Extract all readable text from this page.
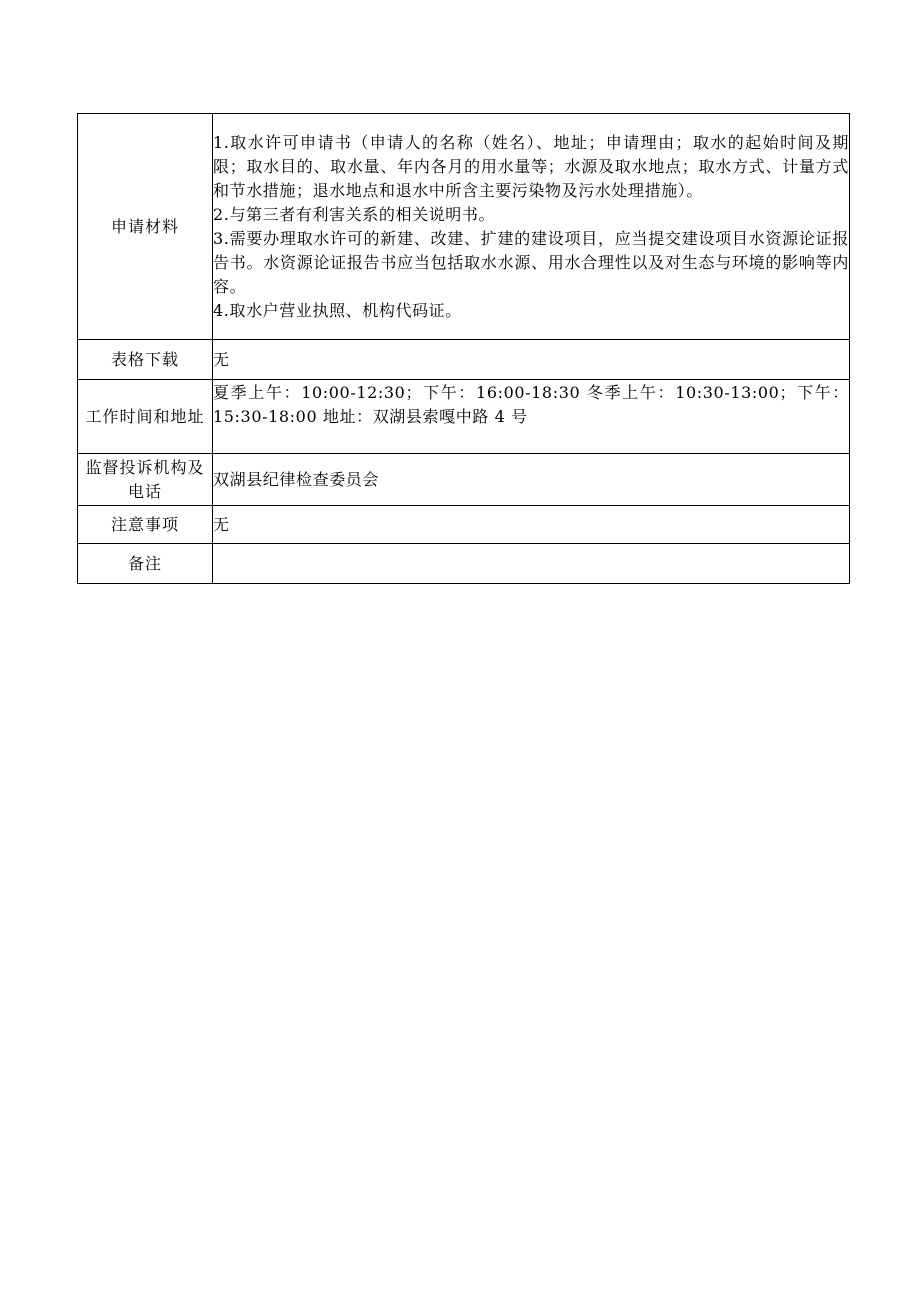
申请材料	1.取水许可申请书（申请人的名称（姓名）、地址；申请理由；取水的起始时间及期限；取水目的、取水量、年内各月的用水量等；水源及取水地点；取水方式、计量方式和节水措施；退水地点和退水中所含主要污染物及污水处理措施）。
2.与第三者有利害关系的相关说明书。
3.需要办理取水许可的新建、改建、扩建的建设项目，应当提交建设项目水资源论证报告书。水资源论证报告书应当包括取水水源、用水合理性以及对生态与环境的影响等内容。
4.取水户营业执照、机构代码证。

表格下载	无
工作时间和地址	夏季上午：10:00-12:30；下午：16:00-18:30 冬季上午：10:30-13:00；下午：15:30-18:00 地址：双湖县索嘎中路 4 号
监督投诉机构及电话	双湖县纪律检查委员会
注意事项	无
备注	
